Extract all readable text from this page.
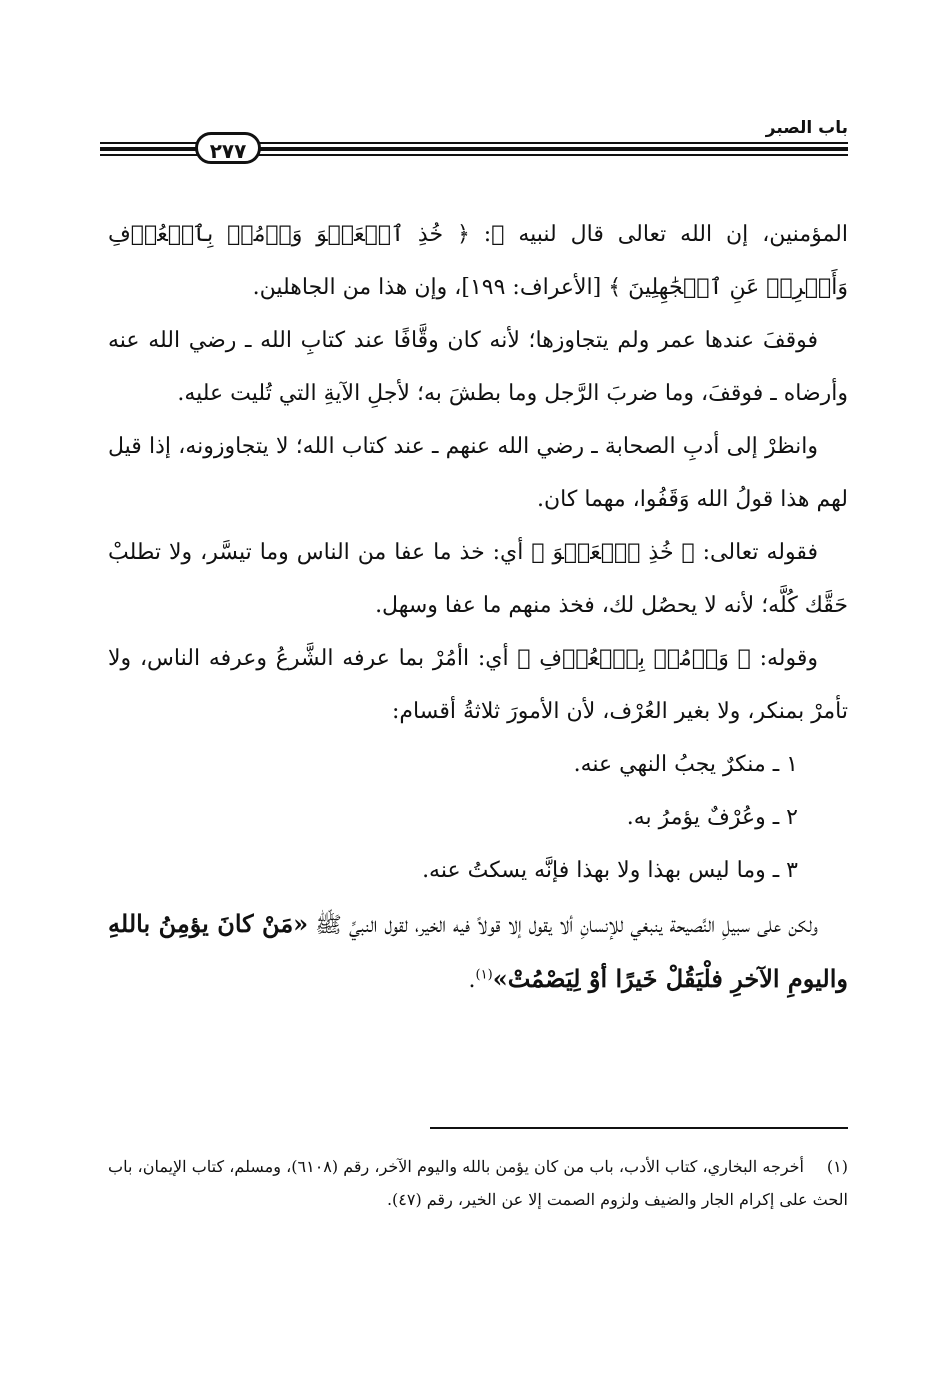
باب الصبر
٢٧٧

المؤمنين، إن الله تعالى قال لنبيه ﷺ: ﴿ خُذِ ٱلۡعَفۡوَ وَأۡمُرۡ بِٱلۡعُرۡفِ وَأَعۡرِضۡ عَنِ ٱلۡجَٰهِلِينَ ﴾ [الأعراف: ١٩٩]، وإن هذا من الجاهلين.

فوقفَ عندها عمر ولم يتجاوزها؛ لأنه كان وقَّافًا عند كتابِ الله ـ رضي الله عنه وأرضاه ـ فوقفَ، وما ضربَ الرَّجل وما بطشَ به؛ لأجلِ الآيةِ التي تُليت عليه.

وانظرْ إلى أدبِ الصحابة ـ رضي الله عنهم ـ عند كتاب الله؛ لا يتجاوزونه، إذا قيل لهم هذا قولُ الله وَقَفُوا، مهما كان.

فقوله تعالى: ﴿ خُذِ ٱلۡعَفۡوَ ﴾ أي: خذ ما عفا من الناس وما تيسَّر، ولا تطلبْ حَقَّك كُلَّه؛ لأنه لا يحصُل لك، فخذ منهم ما عفا وسهل.

وقوله: ﴿ وَأۡمُرۡ بِٱلۡعُرۡفِ ﴾ أي: اأمُرْ بما عرفه الشَّرعُ وعرفه الناس، ولا تأمرْ بمنكر، ولا بغير العُرْف، لأن الأمورَ ثلاثةُ أقسام:

١ ـ منكرٌ يجبُ النهي عنه.

٢ ـ وعُرْفٌ يؤمرُ به.

٣ ـ وما ليس بهذا ولا بهذا فإنَّه يسكتُ عنه.

ولكن على سبيلِ النَّصيحة ينبغي للإنسانِ ألا يقول إلا قولاً فيه الخير، لقول النبيِّ ﷺ «مَنْ كانَ يؤمِنُ باللهِ واليومِ الآخرِ فلْيَقُلْ خَيرًا أوْ لِيَصْمُتْ»$^{(١)}$.

(١)أخرجه البخاري، كتاب الأدب، باب من كان يؤمن بالله واليوم الآخر، رقم (٦١٠٨)، ومسلم، كتاب الإيمان، باب الحث على إكرام الجار والضيف ولزوم الصمت إلا عن الخير، رقم (٤٧).
